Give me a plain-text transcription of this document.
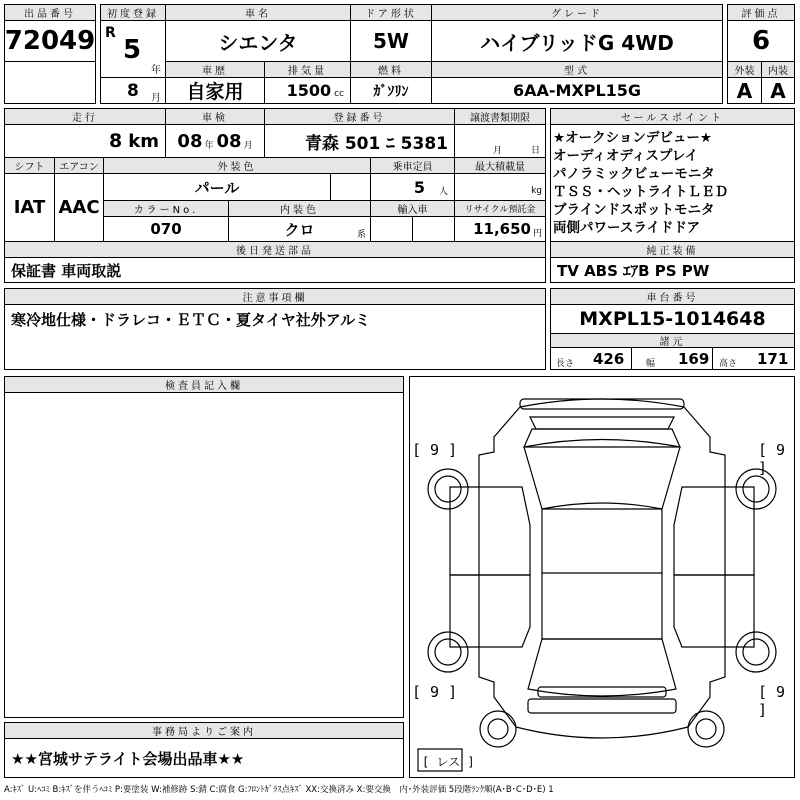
出品番号
72049
初度登録
R
5
年
8 月
車名
シエンタ
ドア形状
5W
グレード
ハイブリッドG 4WD
評価点
6
車歴
自家用
排気量
1500 cc
燃料
ｶﾞｿﾘﾝ
型式
6AA-MXPL15G
外装	内装
A A
走行
8 km
車検
08 年 08 月
登録番号
青森 501 ﾆ 5381
譲渡書類期限
月	日
セールスポイント
★オークションデビュー★
オーディオディスプレイ
パノラミックビューモニタ
ＴＳＳ・ヘットライトＬＥＤ
ブラインドスポットモニタ
両側パワースライドドア
シフト
IAT
エアコン
AAC
外装色
パール
乗車定員
5 人
最大積載量
kg
カラーNo.
070
内装色
クロ	系
輸入車	リサイクル預託金
11,650 円
後日発送部品
保証書 車両取説
純正装備
TV ABS ｴｱB PS PW
注意事項欄
寒冷地仕様・ドラレコ・ＥＴＣ・夏タイヤ社外アルミ
車台番号
MXPL15-1014648
諸元
長さ 426 幅 169 高さ 171
検査員記入欄
[ 9 ]	[ 9 ]
[ 9 ]	[ 9 ]
[ レス ]
事務局よりご案内
★★宮城サテライト会場出品車★★
A:ｷｽﾞ U:ﾍｺﾐ B:ｷｽﾞを伴うﾍｺﾐ P:要塗装 W:補修跡 S:錆 C:腐食 G:ﾌﾛﾝﾄｶﾞﾗｽ点ｷｽﾞ XX:交換済み X:要交換　内･外装評価 5段階ﾗﾝｸ順(A･B･C･D･E) 1
